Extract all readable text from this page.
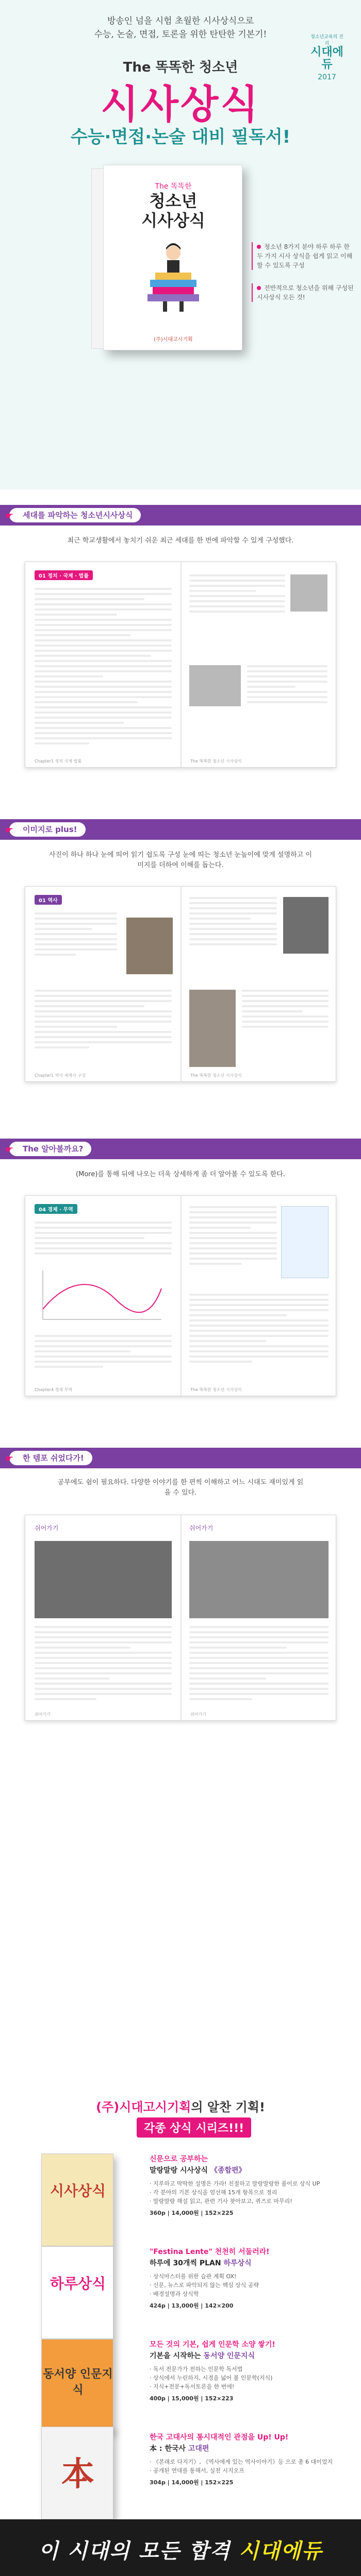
방송인 넘을 시험 초월한 시사상식으로
수능, 논술, 면접, 토론을 위한 탄탄한 기본기!	청소년교육의 진리
시대에듀
2017
The 똑똑한 청소년
시사상식
수능·면접·논술 대비 필독서!
The 똑똑한
청소년
시사상식
(주)시대고시기획
청소년 8가지 분야 하루 하루 한 두 가지 시사 상식을 쉽게 읽고 이해할 수 있도록 구성
전반적으로 청소년을 위해 구성된 시사상식 모든 것!
☛ 세대를 파악하는 청소년시사상식
최근 학교생활에서 놓치기 쉬운 최근 세대를 한 번에 파악할 수 있게 구성했다.
01 정치 · 국제 · 법률
Chapter1 정치 국제 법률	The 똑똑한 청소년 시사상식
☛ 이미지로 plus!
사진이 하나 하나 눈에 띄어 읽기 쉽도록 구성 눈에 띄는 청소년 눈높이에 맞게 설명하고 이미지를 더하여 이해를 돕는다.
01 역사
Chapter1 역사 세계사 구성	The 똑똑한 청소년 시사상식
☛ The 알아볼까요?
(More)를 통해 뒤에 나오는 더욱 상세하게 좀 더 알아볼 수 있도록 한다.
04 경제 · 무역
Chapter4 경제 무역	The 똑똑한 청소년 시사상식
☛ 한 템포 쉬었다가!
공부에도 쉼이 필요하다. 다양한 이야기를 한 편씩 이해하고 어느 시대도 재미있게 읽을 수 있다.
쉬어가기	쉬어가기
쉬어가기	쉬어가기
(주)시대고시기획의 알찬 기획!
각종 상식 시리즈!!!
시사상식
신문으로 공부하는
말랑말랑 시사상식 《종합편》
· 지루하고 딱딱한 설명은 가라! 친절하고 말랑말랑한 풀이로 상식 UP
· 각 분야의 기본 상식을 엄선해 15개 항목으로 정리
· 말랑말랑 해설 읽고, 관련 기사 찾아보고, 퀴즈로 마무리!
360p | 14,000원 | 152×225
하루상식
"Festina Lente" 천천히 서둘러라!
하루에 30개씩 PLAN 하루상식
· 상식마스터를 위한 습관 계획 OX!
· 신문, 뉴스로 파악되지 않는 핵심 상식 공략
· 배경설명과 상식학
424p | 13,000원 | 142×200
동서양 인문지식
모든 것의 기본, 쉽게 인문학 소양 쌓기!
기본을 시작하는 동서양 인문지식
· 독서 전문가가 전하는 인문학 독서법
· 상식에서 누린하지, 시경을 넓어 볼 인문학(지식)
· 지식+전문+독서토론을 한 번에!
400p | 15,000원 | 152×223
本
한국 고대사의 통시대적인 관점을 Up! Up!
本 : 한국사 고대편
· 《본래로 다지기》, 《역사에게 있는 역사이야기》등 으로 총 6 대이었지
· 공개된 연대를 통해서, 실전 시지오프
304p | 14,000원 | 152×225
이 시대의 모든 합격 시대에듀
